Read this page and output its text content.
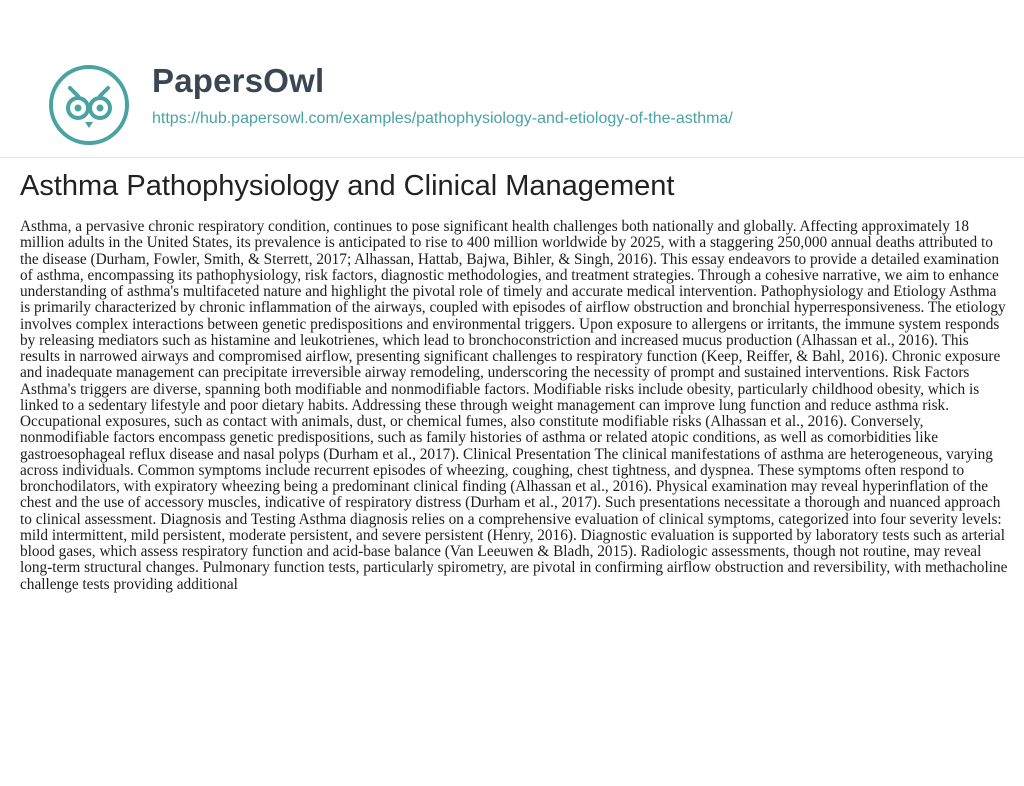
PapersOwl
https://hub.papersowl.com/examples/pathophysiology-and-etiology-of-the-asthma/
Asthma Pathophysiology and Clinical Management

Asthma, a pervasive chronic respiratory condition, continues to pose significant health challenges both nationally and globally. Affecting approximately 18 million adults in the United States, its prevalence is anticipated to rise to 400 million worldwide by 2025, with a staggering 250,000 annual deaths attributed to the disease (Durham, Fowler, Smith, & Sterrett, 2017; Alhassan, Hattab, Bajwa, Bihler, & Singh, 2016). This essay endeavors to provide a detailed examination of asthma, encompassing its pathophysiology, risk factors, diagnostic methodologies, and treatment strategies. Through a cohesive narrative, we aim to enhance understanding of asthma's multifaceted nature and highlight the pivotal role of timely and accurate medical intervention. Pathophysiology and Etiology Asthma is primarily characterized by chronic inflammation of the airways, coupled with episodes of airflow obstruction and bronchial hyperresponsiveness. The etiology involves complex interactions between genetic predispositions and environmental triggers. Upon exposure to allergens or irritants, the immune system responds by releasing mediators such as histamine and leukotrienes, which lead to bronchoconstriction and increased mucus production (Alhassan et al., 2016). This results in narrowed airways and compromised airflow, presenting significant challenges to respiratory function (Keep, Reiffer, & Bahl, 2016). Chronic exposure and inadequate management can precipitate irreversible airway remodeling, underscoring the necessity of prompt and sustained interventions. Risk Factors Asthma's triggers are diverse, spanning both modifiable and nonmodifiable factors. Modifiable risks include obesity, particularly childhood obesity, which is linked to a sedentary lifestyle and poor dietary habits. Addressing these through weight management can improve lung function and reduce asthma risk. Occupational exposures, such as contact with animals, dust, or chemical fumes, also constitute modifiable risks (Alhassan et al., 2016). Conversely, nonmodifiable factors encompass genetic predispositions, such as family histories of asthma or related atopic conditions, as well as comorbidities like gastroesophageal reflux disease and nasal polyps (Durham et al., 2017). Clinical Presentation The clinical manifestations of asthma are heterogeneous, varying across individuals. Common symptoms include recurrent episodes of wheezing, coughing, chest tightness, and dyspnea. These symptoms often respond to bronchodilators, with expiratory wheezing being a predominant clinical finding (Alhassan et al., 2016). Physical examination may reveal hyperinflation of the chest and the use of accessory muscles, indicative of respiratory distress (Durham et al., 2017). Such presentations necessitate a thorough and nuanced approach to clinical assessment. Diagnosis and Testing Asthma diagnosis relies on a comprehensive evaluation of clinical symptoms, categorized into four severity levels: mild intermittent, mild persistent, moderate persistent, and severe persistent (Henry, 2016). Diagnostic evaluation is supported by laboratory tests such as arterial blood gases, which assess respiratory function and acid-base balance (Van Leeuwen & Bladh, 2015). Radiologic assessments, though not routine, may reveal long-term structural changes. Pulmonary function tests, particularly spirometry, are pivotal in confirming airflow obstruction and reversibility, with methacholine challenge tests providing additional
